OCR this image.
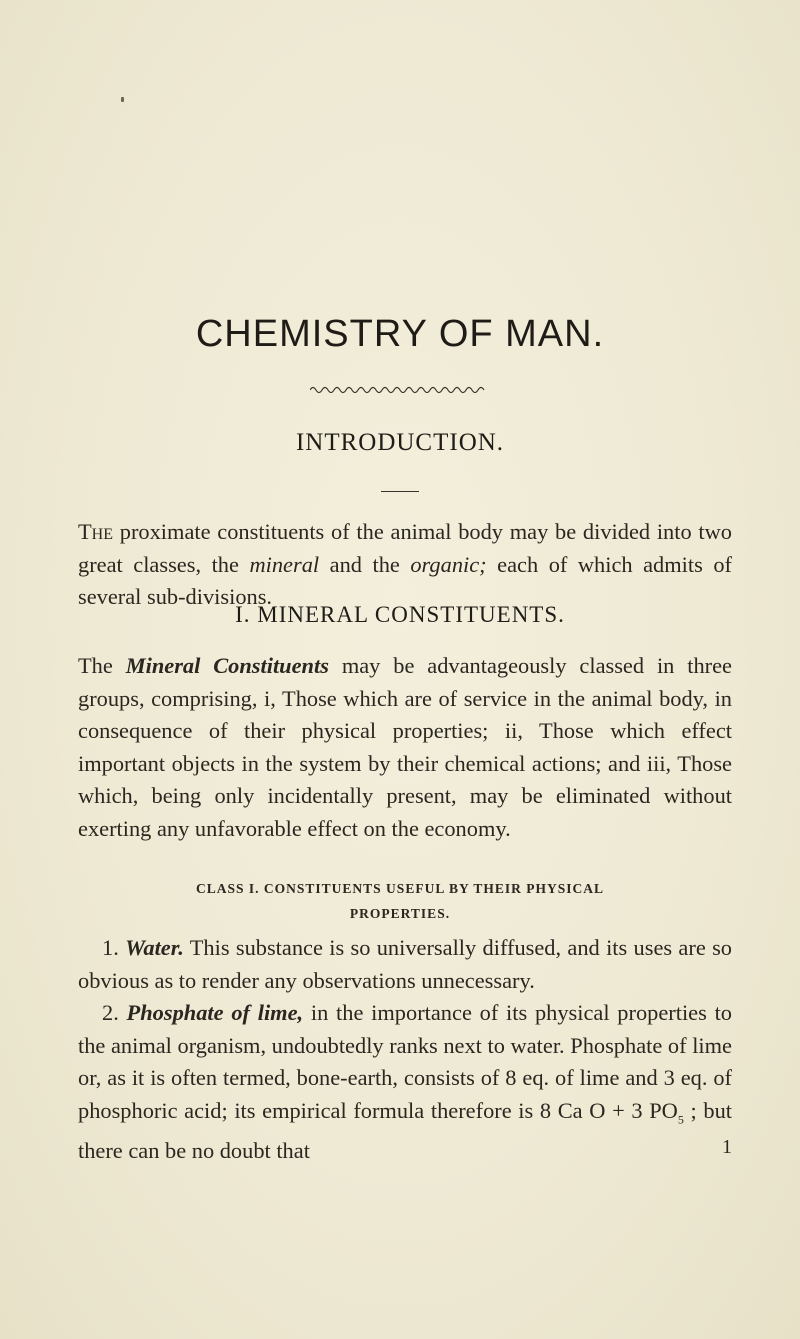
CHEMISTRY OF MAN.
INTRODUCTION.

The proximate constituents of the animal body may be divided into two great classes, the mineral and the organic; each of which admits of several sub-divisions.

I. MINERAL CONSTITUENTS.

The Mineral Constituents may be advantageously classed in three groups, comprising, i, Those which are of service in the animal body, in consequence of their physical properties; ii, Those which effect important objects in the system by their chemical actions; and iii, Those which, being only incidentally present, may be eliminated without exerting any unfavorable effect on the economy.

CLASS I. CONSTITUENTS USEFUL BY THEIR PHYSICAL
PROPERTIES.

1. Water. This substance is so universally diffused, and its uses are so obvious as to render any observations unnecessary.

2. Phosphate of lime, in the importance of its physical properties to the animal organism, undoubtedly ranks next to water. Phosphate of lime or, as it is often termed, bone-earth, consists of 8 eq. of lime and 3 eq. of phosphoric acid; its empirical formula therefore is 8 Ca O + 3 $PO_5$ ; but there can be no doubt that	1
